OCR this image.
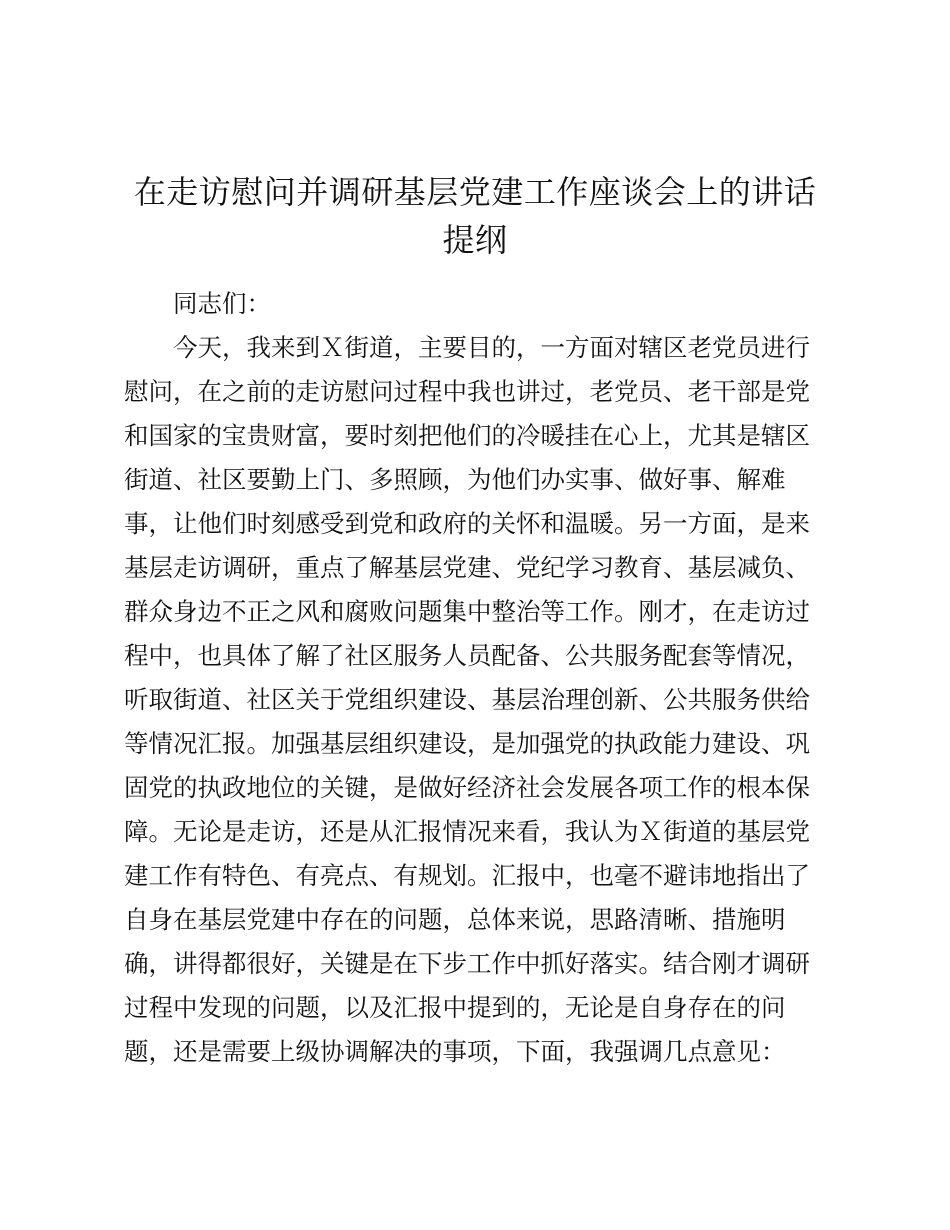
在走访慰问并调研基层党建工作座谈会上的讲话提纲
同志们：
今天，我来到Ｘ街道，主要目的，一方面对辖区老党员进行
慰问，在之前的走访慰问过程中我也讲过，老党员、老干部是党
和国家的宝贵财富，要时刻把他们的冷暖挂在心上，尤其是辖区
街道、社区要勤上门、多照顾，为他们办实事、做好事、解难
事，让他们时刻感受到党和政府的关怀和温暖。另一方面，是来
基层走访调研，重点了解基层党建、党纪学习教育、基层减负、
群众身边不正之风和腐败问题集中整治等工作。刚才，在走访过
程中，也具体了解了社区服务人员配备、公共服务配套等情况，
听取街道、社区关于党组织建设、基层治理创新、公共服务供给
等情况汇报。加强基层组织建设，是加强党的执政能力建设、巩
固党的执政地位的关键，是做好经济社会发展各项工作的根本保
障。无论是走访，还是从汇报情况来看，我认为Ｘ街道的基层党
建工作有特色、有亮点、有规划。汇报中，也毫不避讳地指出了
自身在基层党建中存在的问题，总体来说，思路清晰、措施明
确，讲得都很好，关键是在下步工作中抓好落实。结合刚才调研
过程中发现的问题，以及汇报中提到的，无论是自身存在的问
题，还是需要上级协调解决的事项，下面，我强调几点意见：
